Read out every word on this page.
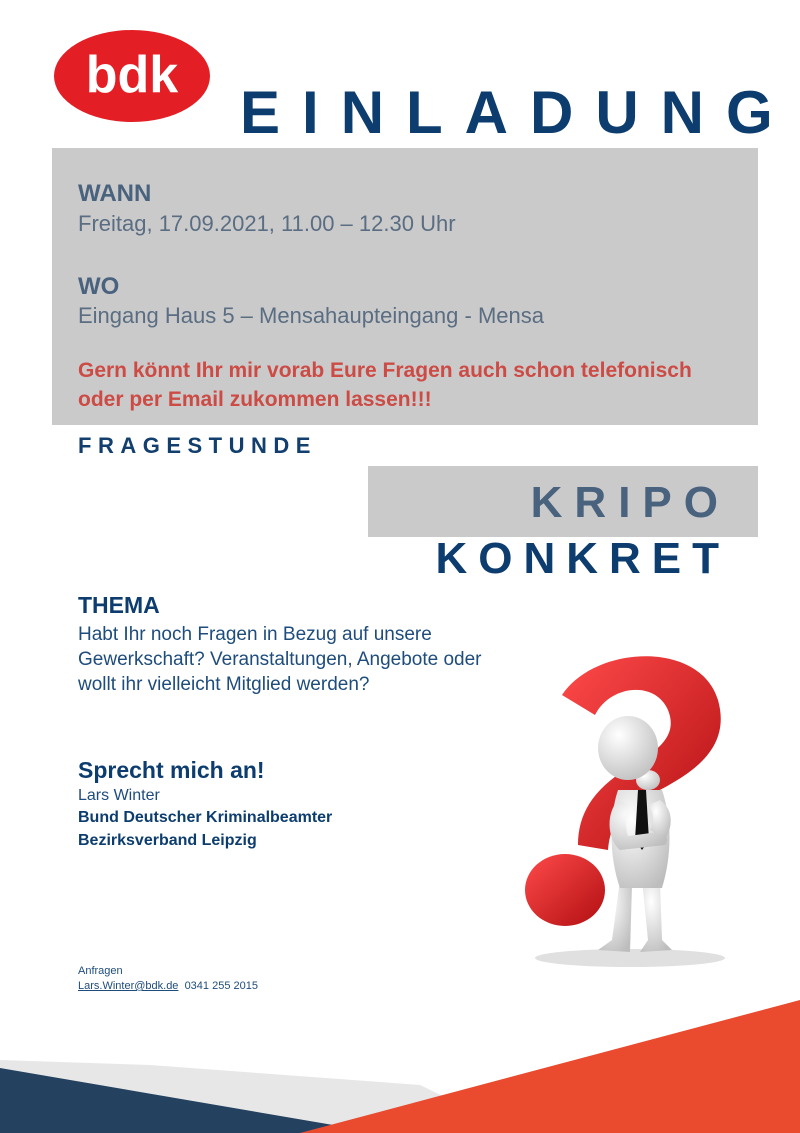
bdk
EINLADUNG
WANN
Freitag, 17.09.2021, 11.00 – 12.30 Uhr
WO
Eingang Haus 5 – Mensahaupteingang - Mensa
Gern könnt Ihr mir vorab Eure Fragen auch schon telefonisch oder per Email zukommen lassen!!!
FRAGESTUNDE
KRIPO
KONKRET
THEMA
Habt Ihr noch Fragen in Bezug auf unsere Gewerkschaft? Veranstaltungen, Angebote oder wollt ihr vielleicht Mitglied werden?
Sprecht mich an!
Lars Winter
Bund Deutscher Kriminalbeamter
Bezirksverband Leipzig
Anfragen
Lars.Winter@bdk.de 0341 255 2015
